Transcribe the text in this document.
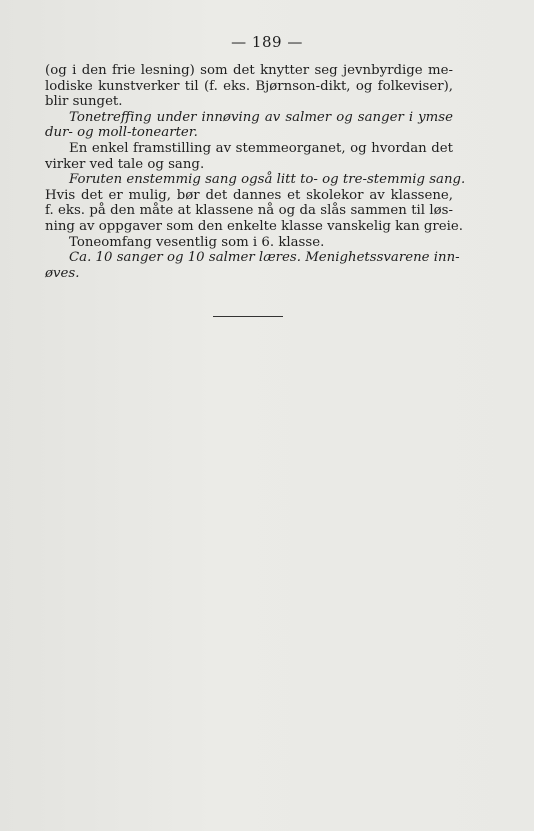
— 189 —
(og i den frie lesning) som det knytter seg jevnbyrdige me-
lodiske kunstverker til (f. eks. Bjørnson-dikt, og folkeviser),
blir sunget.
Tonetreffing under innøving av salmer og sanger i ymse
dur- og moll-tonearter.
En enkel framstilling av stemmeorganet, og hvordan det
virker ved tale og sang.
Foruten enstemmig sang også litt to- og tre-stemmig sang.
Hvis det er mulig, bør det dannes et skolekor av klassene,
f. eks. på den måte at klassene nå og da slås sammen til løs-
ning av oppgaver som den enkelte klasse vanskelig kan greie.
Toneomfang vesentlig som i 6. klasse.
Ca. 10 sanger og 10 salmer læres. Menighetssvarene inn-
øves.
